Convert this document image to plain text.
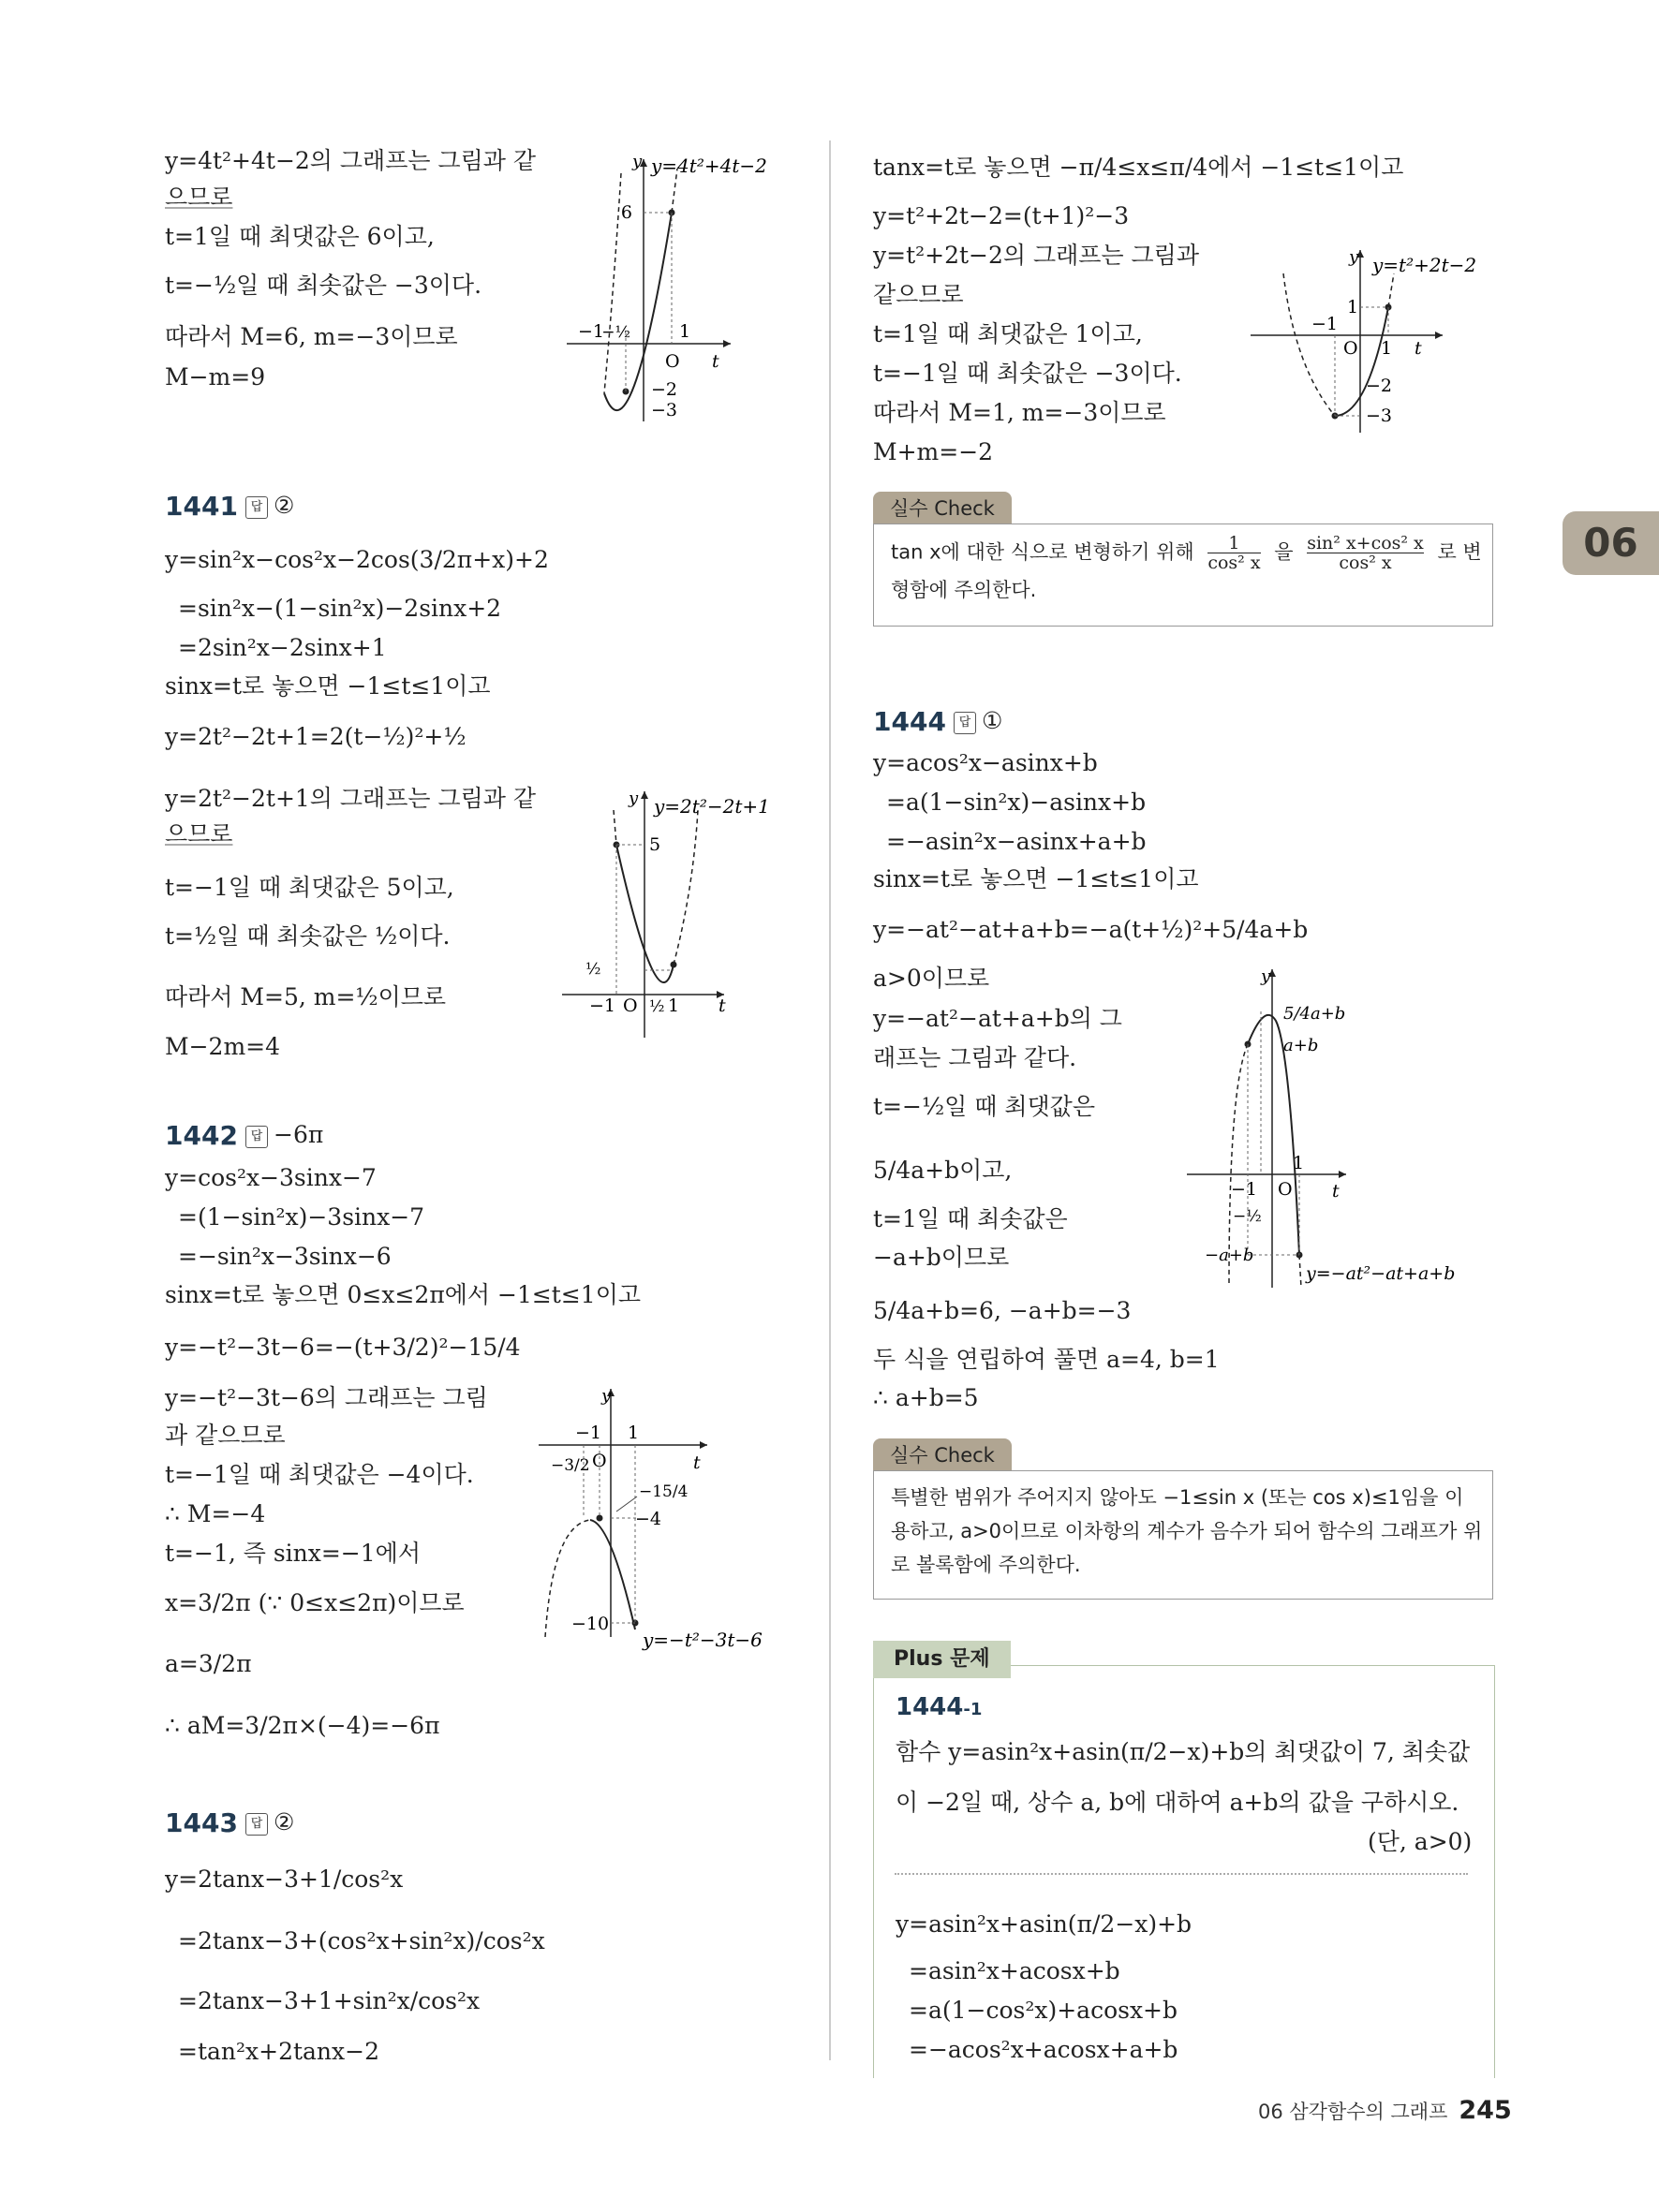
06
y=4t²+4t−2의 그래프는 그림과 같
으므로
t=1일 때 최댓값은 6이고,
t=−½일 때 최솟값은 −3이다.
따라서 M=6, m=−3이므로
M−m=9
y y=4t²+4t−2
6
−1
−½	1
O t
−2
−3
1441	답 ②
y=sin²x−cos²x−2cos(3/2π+x)+2
=sin²x−(1−sin²x)−2sinx+2
=2sin²x−2sinx+1
sinx=t로 놓으면 −1≤t≤1이고
y=2t²−2t+1=2(t−½)²+½
y=2t²−2t+1의 그래프는 그림과 같
으므로
t=−1일 때 최댓값은 5이고,
t=½일 때 최솟값은 ½이다.
따라서 M=5, m=½이므로
M−2m=4
y y=2t²−2t+1
5
½
−1 O ½ 1 t
1442	답 −6π
y=cos²x−3sinx−7
=(1−sin²x)−3sinx−7
=−sin²x−3sinx−6
sinx=t로 놓으면 0≤x≤2π에서 −1≤t≤1이고
y=−t²−3t−6=−(t+3/2)²−15/4
y=−t²−3t−6의 그래프는 그림
과 같으므로
t=−1일 때 최댓값은 −4이다.
∴ M=−4
t=−1, 즉 sinx=−1에서
x=3/2π (∵ 0≤x≤2π)이므로
a=3/2π
∴ aM=3/2π×(−4)=−6π
y
−1 1
t
−3/2 O
−15/4
−4
−10
y=−t²−3t−6
1443	답 ②
y=2tanx−3+1/cos²x
=2tanx−3+(cos²x+sin²x)/cos²x
=2tanx−3+1+sin²x/cos²x
=tan²x+2tanx−2
tanx=t로 놓으면 −π/4≤x≤π/4에서 −1≤t≤1이고
y=t²+2t−2=(t+1)²−3
y=t²+2t−2의 그래프는 그림과
같으므로
t=1일 때 최댓값은 1이고,
t=−1일 때 최솟값은 −3이다.
따라서 M=1, m=−3이므로
M+m=−2
y y=t²+2t−2
1
−1
O 1 t
−2
−3
실수 Check
tan x에 대한 식으로 변형하기 위해 $\frac{1}{\text{cos² x}}$ 을 $\frac{\text{sin² x+cos² x}}{\text{cos² x}}$ 로 변
형함에 주의한다.
1444	답 ①
y=acos²x−asinx+b
=a(1−sin²x)−asinx+b
=−asin²x−asinx+a+b
sinx=t로 놓으면 −1≤t≤1이고
y=−at²−at+a+b=−a(t+½)²+5/4a+b
a>0이므로
y=−at²−at+a+b의 그
래프는 그림과 같다.
t=−½일 때 최댓값은
5/4a+b이고,
t=1일 때 최솟값은
−a+b이므로
5/4a+b=6, −a+b=−3
두 식을 연립하여 풀면 a=4, b=1
∴ a+b=5
y
5/4a+b
a+b
−1 O
1
t
−½
−a+b
y=−at²−at+a+b
실수 Check
특별한 범위가 주어지지 않아도 −1≤sin x (또는 cos x)≤1임을 이
용하고, a>0이므로 이차항의 계수가 음수가 되어 함수의 그래프가 위
로 볼록함에 주의한다.
Plus 문제
1444-1
함수 y=asin²x+asin(π/2−x)+b의 최댓값이 7, 최솟값
이 −2일 때, 상수 a, b에 대하여 a+b의 값을 구하시오.
(단, a>0)
y=asin²x+asin(π/2−x)+b
=asin²x+acosx+b
=a(1−cos²x)+acosx+b
=−acos²x+acosx+a+b
06 삼각함수의 그래프 245
